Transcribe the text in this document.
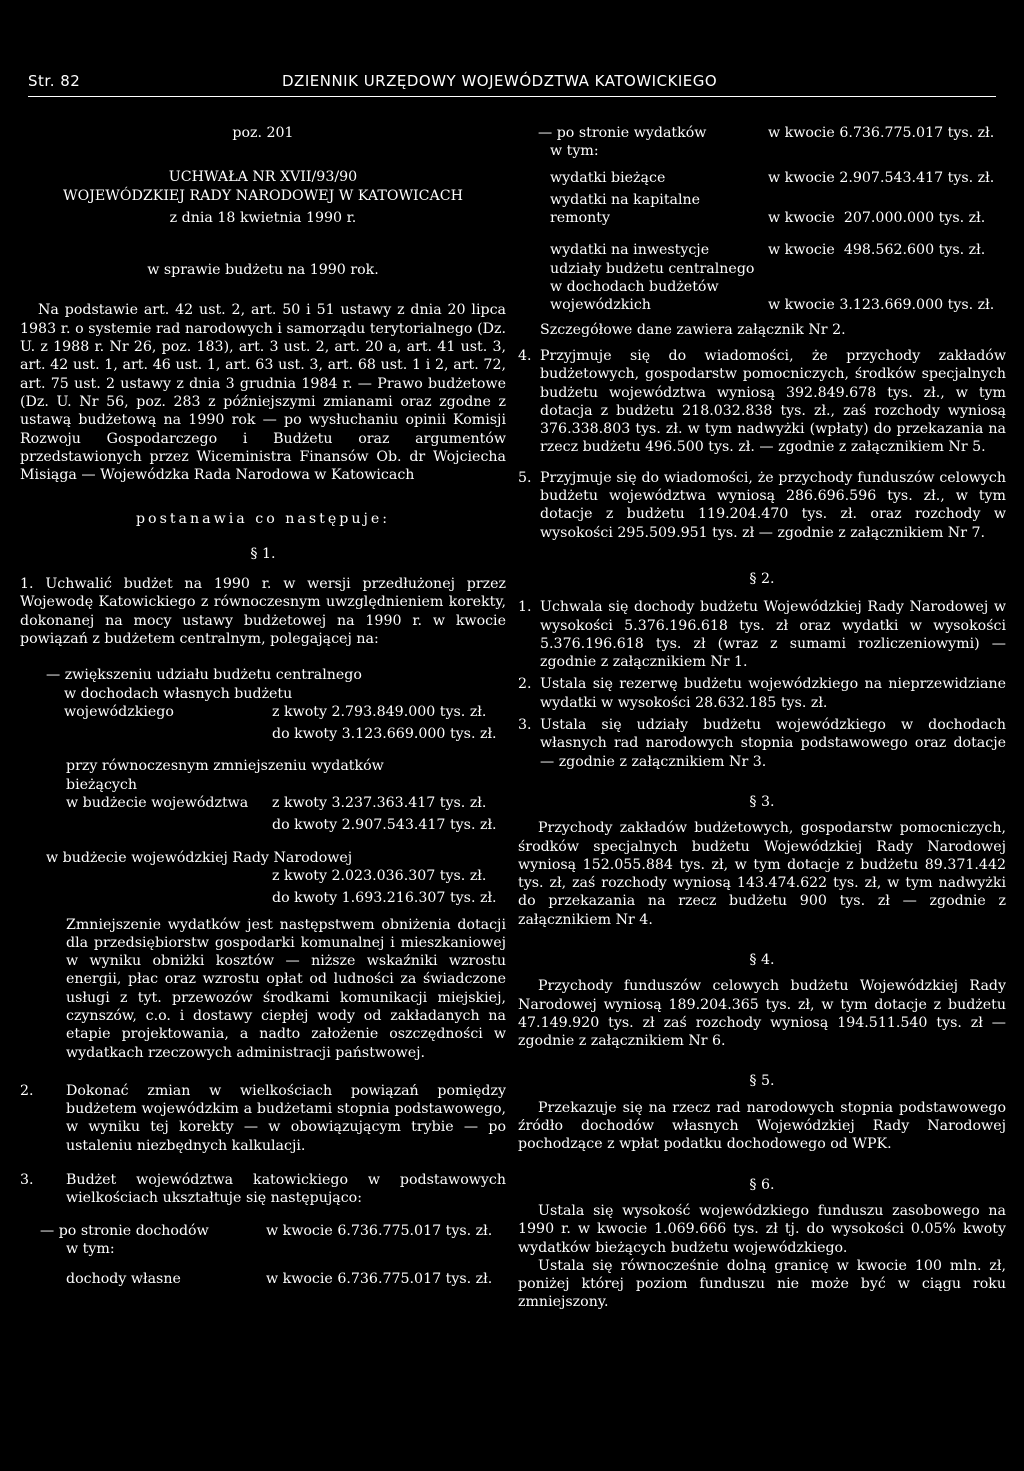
Str. 82	DZIENNIK URZĘDOWY WOJEWÓDZTWA KATOWICKIEGO

poz. 201

UCHWAŁA NR XVII/93/90

WOJEWÓDZKIEJ RADY NARODOWEJ W KATOWICACH

z dnia 18 kwietnia 1990 r.

w sprawie budżetu na 1990 rok.

Na podstawie art. 42 ust. 2, art. 50 i 51 ustawy z dnia 20 lipca 1983 r. o systemie rad narodowych i samorządu terytorialnego (Dz. U. z 1988 r. Nr 26, poz. 183), art. 3 ust. 2, art. 20 a, art. 41 ust. 3, art. 42 ust. 1, art. 46 ust. 1, art. 63 ust. 3, art. 68 ust. 1 i 2, art. 72, art. 75 ust. 2 ustawy z dnia 3 grudnia 1984 r. — Prawo budżetowe (Dz. U. Nr 56, poz. 283 z późniejszymi zmianami oraz zgodne z ustawą budżetową na 1990 rok — po wysłuchaniu opinii Komisji Rozwoju Gospodarczego i Budżetu oraz argumentów przedstawionych przez Wiceministra Finansów Ob. dr Wojciecha Misiąga — Wojewódzka Rada Narodowa w Katowicach

postanawia co następuje:

§ 1.

1. Uchwalić budżet na 1990 r. w wersji przedłużonej przez Wojewodę Katowickiego z równoczesnym uwzględnieniem korekty, dokonanej na mocy ustawy budżetowej na 1990 r. w kwocie powiązań z budżetem centralnym, polegającej na:

— zwiększeniu udziału budżetu centralnego

w dochodach własnych budżetu

wojewódzkiego	z kwoty 2.793.849.000 tys. zł.

do kwoty 3.123.669.000 tys. zł.

przy równoczesnym zmniejszeniu wydatków

bieżących

w budżecie województwa	z kwoty 3.237.363.417 tys. zł.

do kwoty 2.907.543.417 tys. zł.

w budżecie wojewódzkiej Rady Narodowej

z kwoty 2.023.036.307 tys. zł.

do kwoty 1.693.216.307 tys. zł.

Zmniejszenie wydatków jest następstwem obniżenia dotacji dla przedsiębiorstw gospodarki komunalnej i mieszkaniowej w wyniku obniżki kosztów — niższe wskaźniki wzrostu energii, płac oraz wzrostu opłat od ludności za świadczone usługi z tyt. przewozów środkami komunikacji miejskiej, czynszów, c.o. i dostawy ciepłej wody od zakładanych na etapie projektowania, a nadto założenie oszczędności w wydatkach rzeczowych administracji państwowej.

2.	Dokonać zmian w wielkościach powiązań pomiędzy budżetem wojewódzkim a budżetami stopnia podstawowego, w wyniku tej korekty — w obowiązującym trybie — po ustaleniu niezbędnych kalkulacji.
3.	Budżet województwa katowickiego w podstawowych wielkościach ukształtuje się następująco:
— po stronie dochodów	w kwocie 6.736.775.017 tys. zł.

w tym:

dochody własne	w kwocie 6.736.775.017 tys. zł.
— po stronie wydatków	w kwocie 6.736.775.017 tys. zł.

w tym:

wydatki bieżące	w kwocie 2.907.543.417 tys. zł.

wydatki na kapitalne

remonty	w kwocie  207.000.000 tys. zł.
wydatki na inwestycje	w kwocie  498.562.600 tys. zł.

udziały budżetu centralnego

w dochodach budżetów

wojewódzkich	w kwocie 3.123.669.000 tys. zł.

Szczegółowe dane zawiera załącznik Nr 2.

4. Przyjmuje się do wiadomości, że przychody zakładów budżetowych, gospodarstw pomocniczych, środków specjalnych budżetu województwa wyniosą 392.849.678 tys. zł., w tym dotacja z budżetu 218.032.838 tys. zł., zaś rozchody wyniosą 376.338.803 tys. zł. w tym nadwyżki (wpłaty) do przekazania na rzecz budżetu 496.500 tys. zł. — zgodnie z załącznikiem Nr 5.
5. Przyjmuje się do wiadomości, że przychody funduszów celowych budżetu województwa wyniosą 286.696.596 tys. zł., w tym dotacje z budżetu 119.204.470 tys. zł. oraz rozchody w wysokości 295.509.951 tys. zł — zgodnie z załącznikiem Nr 7.

§ 2.

1. Uchwala się dochody budżetu Wojewódzkiej Rady Narodowej w wysokości 5.376.196.618 tys. zł oraz wydatki w wysokości 5.376.196.618 tys. zł (wraz z sumami rozliczeniowymi) — zgodnie z załącznikiem Nr 1.
2. Ustala się rezerwę budżetu wojewódzkiego na nieprzewidziane wydatki w wysokości 28.632.185 tys. zł.
3. Ustala się udziały budżetu wojewódzkiego w dochodach własnych rad narodowych stopnia podstawowego oraz dotacje — zgodnie z załącznikiem Nr 3.

§ 3.

Przychody zakładów budżetowych, gospodarstw pomocniczych, środków specjalnych budżetu Wojewódzkiej Rady Narodowej wyniosą 152.055.884 tys. zł, w tym dotacje z budżetu 89.371.442 tys. zł, zaś rozchody wyniosą 143.474.622 tys. zł, w tym nadwyżki do przekazania na rzecz budżetu 900 tys. zł — zgodnie z załącznikiem Nr 4.

§ 4.

Przychody funduszów celowych budżetu Wojewódzkiej Rady Narodowej wyniosą 189.204.365 tys. zł, w tym dotacje z budżetu 47.149.920 tys. zł zaś rozchody wyniosą 194.511.540 tys. zł — zgodnie z załącznikiem Nr 6.

§ 5.

Przekazuje się na rzecz rad narodowych stopnia podstawowego źródło dochodów własnych Wojewódzkiej Rady Narodowej pochodzące z wpłat podatku dochodowego od WPK.

§ 6.

Ustala się wysokość wojewódzkiego funduszu zasobowego na 1990 r. w kwocie 1.069.666 tys. zł tj. do wysokości 0.05% kwoty wydatków bieżących budżetu wojewódzkiego.

Ustala się równocześnie dolną granicę w kwocie 100 mln. zł, poniżej której poziom funduszu nie może być w ciągu roku zmniejszony.
